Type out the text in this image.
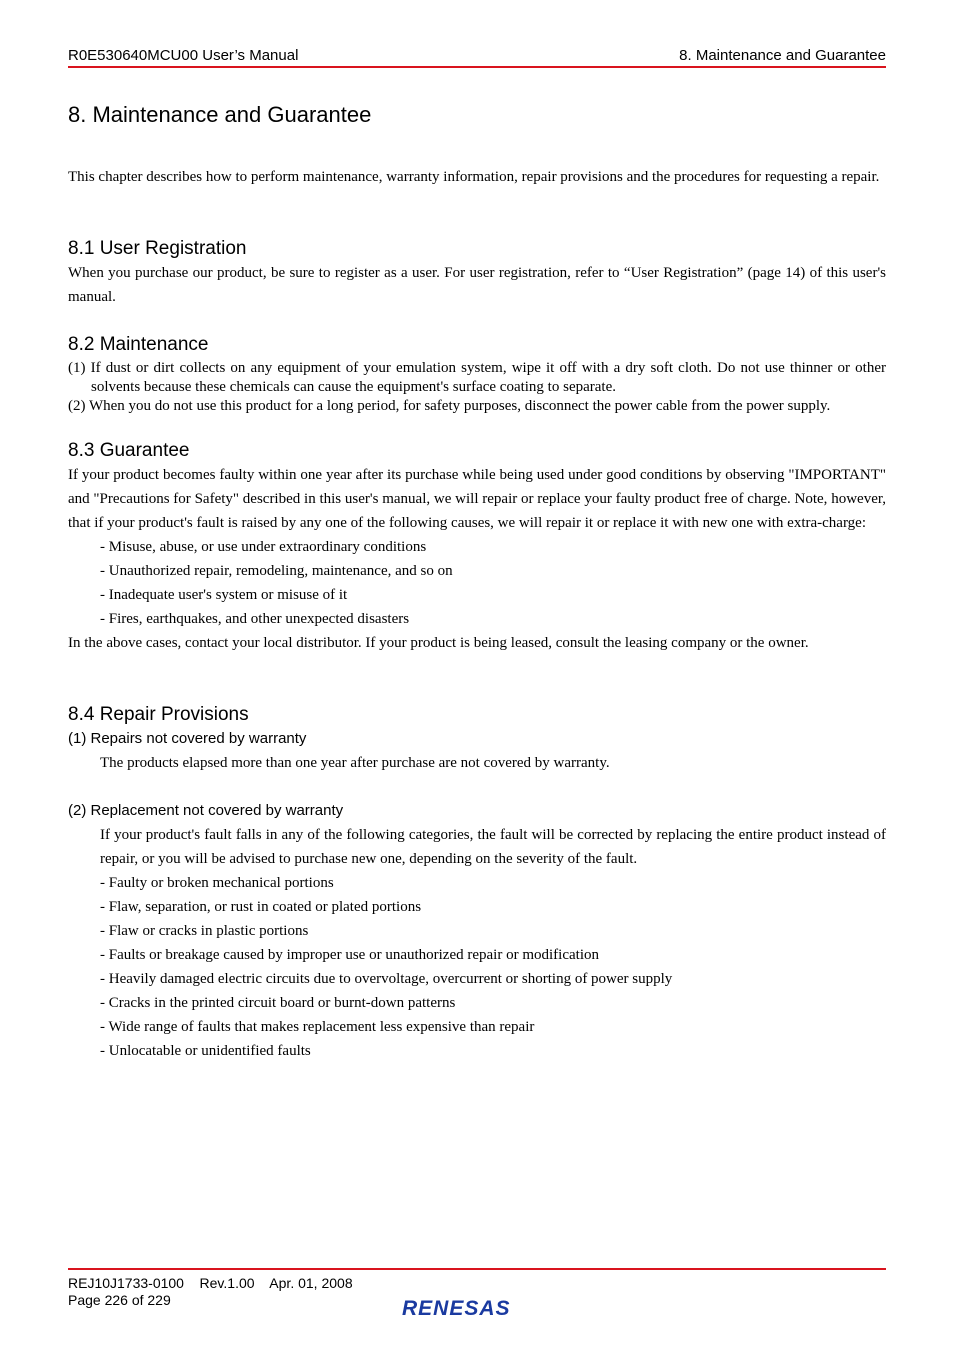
R0E530640MCU00 User’s Manual	8. Maintenance and Guarantee
8. Maintenance and Guarantee

This chapter describes how to perform maintenance, warranty information, repair provisions and the procedures for requesting a repair.

8.1 User Registration

When you purchase our product, be sure to register as a user. For user registration, refer to “User Registration” (page 14) of this user's manual.

8.2 Maintenance
(1) If dust or dirt collects on any equipment of your emulation system, wipe it off with a dry soft cloth. Do not use thinner or other solvents because these chemicals can cause the equipment's surface coating to separate.
(2) When you do not use this product for a long period, for safety purposes, disconnect the power cable from the power supply.
8.3 Guarantee

If your product becomes faulty within one year after its purchase while being used under good conditions by observing "IMPORTANT" and "Precautions for Safety" described in this user's manual, we will repair or replace your faulty product free of charge. Note, however, that if your product's fault is raised by any one of the following causes, we will repair it or replace it with new one with extra-charge:

- Misuse, abuse, or use under extraordinary conditions
- Unauthorized repair, remodeling, maintenance, and so on
- Inadequate user's system or misuse of it
- Fires, earthquakes, and other unexpected disasters

In the above cases, contact your local distributor. If your product is being leased, consult the leasing company or the owner.

8.4 Repair Provisions
(1) Repairs not covered by warranty
The products elapsed more than one year after purchase are not covered by warranty.
(2) Replacement not covered by warranty
If your product's fault falls in any of the following categories, the fault will be corrected by replacing the entire product instead of repair, or you will be advised to purchase new one, depending on the severity of the fault.
- Faulty or broken mechanical portions
- Flaw, separation, or rust in coated or plated portions
- Flaw or cracks in plastic portions
- Faults or breakage caused by improper use or unauthorized repair or modification
- Heavily damaged electric circuits due to overvoltage, overcurrent or shorting of power supply
- Cracks in the printed circuit board or burnt-down patterns
- Wide range of faults that makes replacement less expensive than repair
- Unlocatable or unidentified faults
REJ10J1733-0100    Rev.1.00    Apr. 01, 2008
Page 226 of 229	RENESAS
